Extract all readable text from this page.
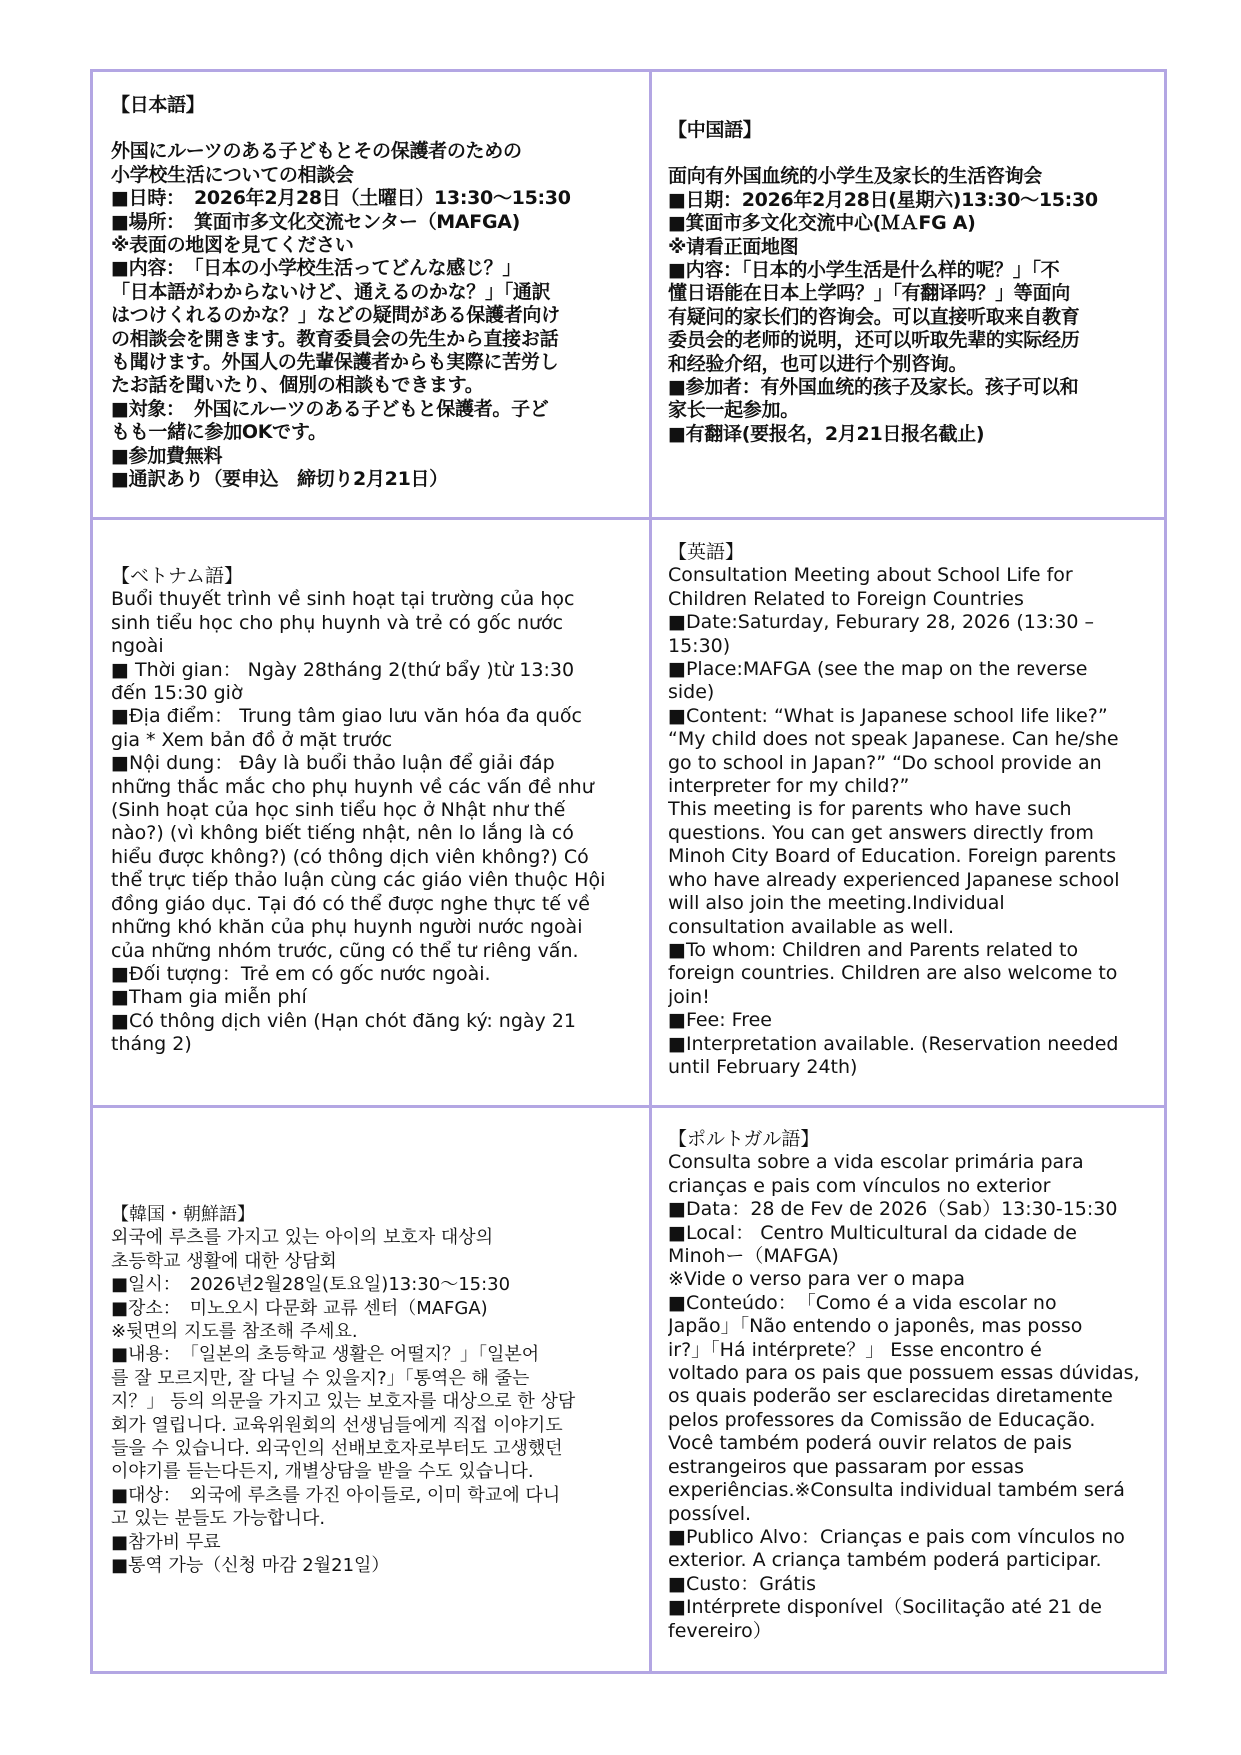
【日本語】
外国にルーツのある子どもとその保護者のための
小学校生活についての相談会
■日時：　2026年2月28日（土曜日）13:30～15:30
■場所：　箕面市多文化交流センター（MAFGA)
※表面の地図を見てください
■内容：　「日本の小学校生活ってどんな感じ？」
「日本語がわからないけど、通えるのかな？」「通訳
はつけくれるのかな？」などの疑問がある保護者向け
の相談会を開きます。教育委員会の先生から直接お話
も聞けます。外国人の先輩保護者からも実際に苦労し
たお話を聞いたり、個別の相談もできます。
■対象：　外国にルーツのある子どもと保護者。子ど
もも一緒に参加OKです。
■参加費無料
■通訳あり（要申込　締切り2月21日）
【中国語】
面向有外国血统的小学生及家长的生活咨询会
■日期：2026年2月28日(星期六)13:30～15:30
■箕面市多文化交流中心(ＭＡFG A)
※请看正面地图
■内容：「日本的小学生活是什么样的呢？」「不
懂日语能在日本上学吗？」「有翻译吗？」等面向
有疑问的家长们的咨询会。可以直接听取来自教育
委员会的老师的说明，还可以听取先辈的实际经历
和经验介绍，也可以进行个别咨询。
■参加者：有外国血统的孩子及家长。孩子可以和
家长一起参加。
■有翻译(要报名，2月21日报名截止)
【ベトナム語】
Buổi thuyết trình về sinh hoạt tại trường của học
sinh tiểu học cho phụ huynh và trẻ có gốc nước
ngoài
■ Thời gian： Ngày 28tháng 2(thứ bẩy )từ 13:30
đến 15:30 giờ
■Địa điểm： Trung tâm giao lưu văn hóa đa quốc
gia * Xem bản đồ ở mặt trước
■Nội dung： Đây là buổi thảo luận để giải đáp
những thắc mắc cho phụ huynh về các vấn đề như
(Sinh hoạt của học sinh tiểu học ở Nhật như thế
nào?) (vì không biết tiếng nhật, nên lo lắng là có
hiểu được không?) (có thông dịch viên không?) Có
thể trực tiếp thảo luận cùng các giáo viên thuộc Hội
đồng giáo dục. Tại đó có thể được nghe thực tế về
những khó khăn của phụ huynh người nước ngoài
của những nhóm trước, cũng có thể tư riêng vấn.
■Đối tượng：Trẻ em có gốc nước ngoài.
■Tham gia miễn phí
■Có thông dịch viên (Hạn chót đăng ký: ngày 21
tháng 2)
【英語】
Consultation Meeting about School Life for
Children Related to Foreign Countries
■Date:Saturday, Feburary 28, 2026 (13:30 –
15:30)
■Place:MAFGA (see the map on the reverse
side)
■Content: “What is Japanese school life like?”
“My child does not speak Japanese. Can he/she
go to school in Japan?” “Do school provide an
interpreter for my child?”
This meeting is for parents who have such
questions. You can get answers directly from
Minoh City Board of Education. Foreign parents
who have already experienced Japanese school
will also join the meeting.Individual
consultation available as well.
■To whom: Children and Parents related to
foreign countries. Children are also welcome to
join!
■Fee: Free
■Interpretation available. (Reservation needed
until February 24th)
【韓国・朝鮮語】
외국에 루츠를 가지고 있는 아이의 보호자 대상의
초등학교 생활에 대한 상담회
■일시：　2026년2월28일(토요일)13:30～15:30
■장소：　미노오시 다문화 교류 센터（MAFGA)
※뒷면의 지도를 참조해 주세요.
■내용：　「일본의 초등학교 생활은 어떨지？」「일본어
를 잘 모르지만, 잘 다닐 수 있을지?」「통역은 해 줄는
지？」 등의 의문을 가지고 있는 보호자를 대상으로 한 상담
회가 열립니다. 교육위원회의 선생님들에게 직접 이야기도
들을 수 있습니다. 외국인의 선배보호자로부터도 고생했던
이야기를 듣는다든지, 개별상담을 받을 수도 있습니다.
■대상：　외국에 루츠를 가진 아이들로, 이미 학교에 다니
고 있는 분들도 가능합니다.
■참가비 무료
■통역 가능（신청 마감 2월21일）
【ポルトガル語】
Consulta sobre a vida escolar primária para
crianças e pais com vínculos no exterior
■Data：28 de Fev de 2026（Sab）13:30-15:30
■Local： Centro Multicultural da cidade de
Minohー（MAFGA)
※Vide o verso para ver o mapa
■Conteúdo：　「Como é a vida escolar no
Japão」「Não entendo o japonês, mas posso
ir?」「Há intérprete？」 Esse encontro é
voltado para os pais que possuem essas dúvidas,
os quais poderão ser esclarecidas diretamente
pelos professores da Comissão de Educação.
Você também poderá ouvir relatos de pais
estrangeiros que passaram por essas
experiências.※Consulta individual também será
possível.
■Publico Alvo：Crianças e pais com vínculos no
exterior. A criança também poderá participar.
■Custo：Grátis
■Intérprete disponível（Socilitação até 21 de
fevereiro）
